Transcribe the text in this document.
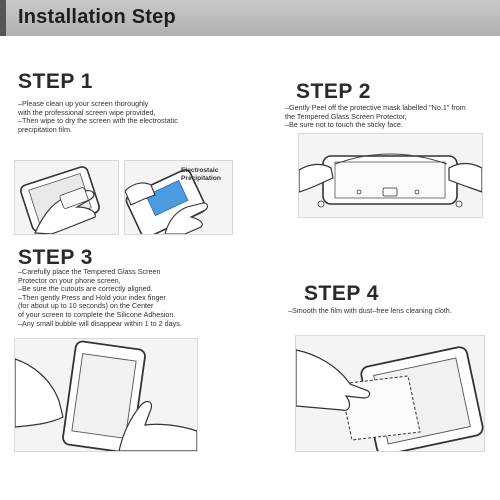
Installation Step
STEP 1
–Please clean up your screen thoroughly
with the professional screen wipe provided,
–Then wipe to dry the screen with the electrostatic
precipitation film.
Electrostaic
Precipitation
STEP 2
–Gently Peel off the protective mask labelled "No.1" from
the Tempered Glass Screen Protector,
–Be sure not to touch the sticky face.
STEP 3
–Carefully place the Tempered Glass Screen
Protector on your phone screen,
–Be sure the cutouts are correctly aligned.
–Then gently Press and Hold your index finger
(for about up to 10 seconds) on the Center
of your screen to complete the Silicone Adhesion.
–Any small bubble will disappear within 1 to 2 days.
STEP 4
–Smooth the film with dust–free lens cleaning cloth.
